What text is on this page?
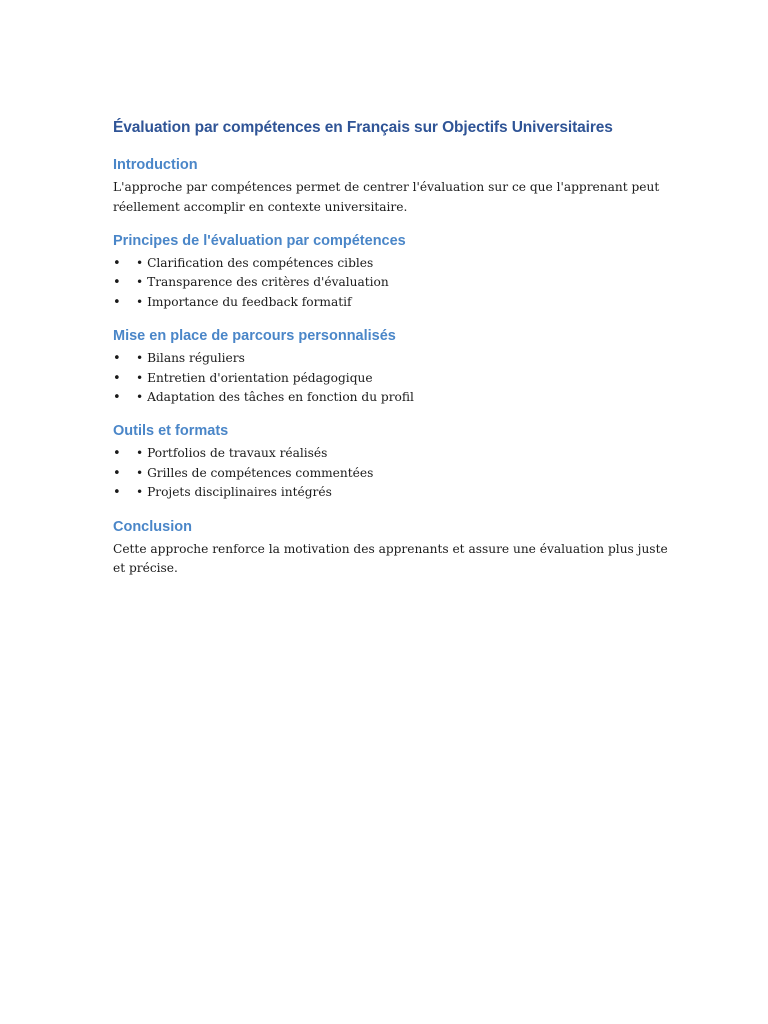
Évaluation par compétences en Français sur Objectifs Universitaires
Introduction

L'approche par compétences permet de centrer l'évaluation sur ce que l'apprenant peut réellement accomplir en contexte universitaire.

Principes de l'évaluation par compétences
• • Clarification des compétences cibles
• • Transparence des critères d'évaluation
• • Importance du feedback formatif
Mise en place de parcours personnalisés
• • Bilans réguliers
• • Entretien d'orientation pédagogique
• • Adaptation des tâches en fonction du profil
Outils et formats
• • Portfolios de travaux réalisés
• • Grilles de compétences commentées
• • Projets disciplinaires intégrés
Conclusion

Cette approche renforce la motivation des apprenants et assure une évaluation plus juste et précise.
